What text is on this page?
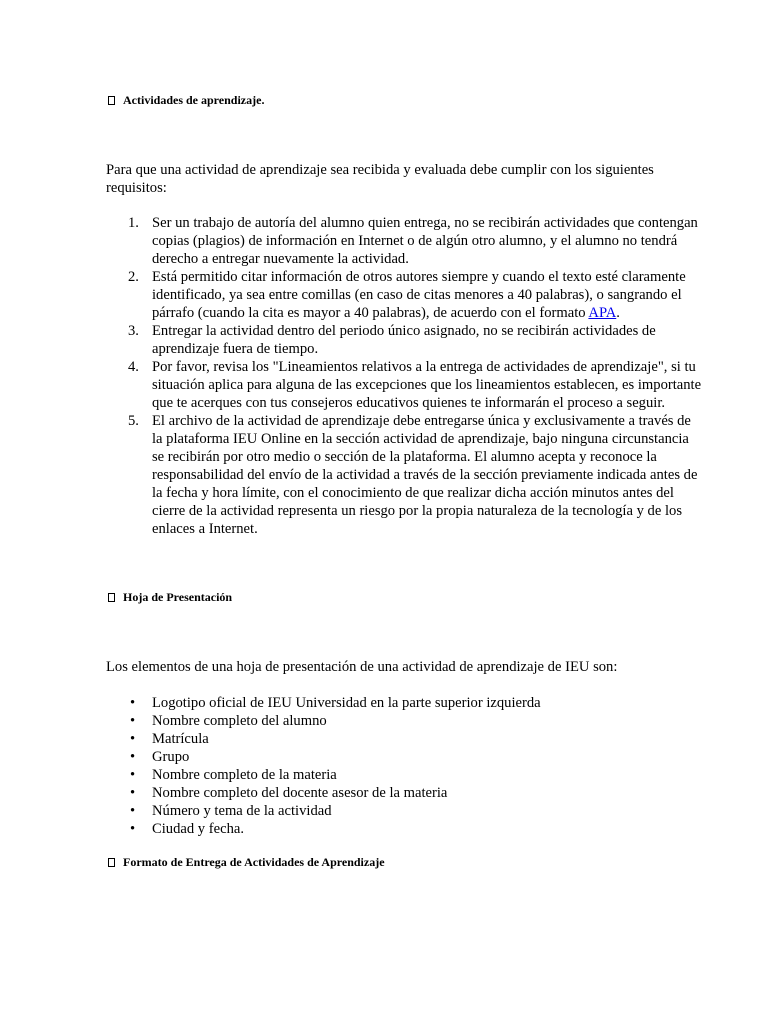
Actividades de aprendizaje.

Para que una actividad de aprendizaje sea recibida y evaluada debe cumplir con los siguientes requisitos:

1. Ser un trabajo de autoría del alumno quien entrega, no se recibirán actividades que contengan copias (plagios) de información en Internet o de algún otro alumno, y el alumno no tendrá derecho a entregar nuevamente la actividad.
2. Está permitido citar información de otros autores siempre y cuando el texto esté claramente identificado, ya sea entre comillas (en caso de citas menores a 40 palabras), o sangrando el párrafo (cuando la cita es mayor a 40 palabras), de acuerdo con el formato APA.
3. Entregar la actividad dentro del periodo único asignado, no se recibirán actividades de aprendizaje fuera de tiempo.
4. Por favor, revisa los "Lineamientos relativos a la entrega de actividades de aprendizaje", si tu situación aplica para alguna de las excepciones que los lineamientos establecen, es importante que te acerques con tus consejeros educativos quienes te informarán el proceso a seguir.
5. El archivo de la actividad de aprendizaje debe entregarse única y exclusivamente a través de la plataforma IEU Online en la sección actividad de aprendizaje, bajo ninguna circunstancia se recibirán por otro medio o sección de la plataforma. El alumno acepta y reconoce la responsabilidad del envío de la actividad a través de la sección previamente indicada antes de la fecha y hora límite, con el conocimiento de que realizar dicha acción minutos antes del cierre de la actividad representa un riesgo por la propia naturaleza de la tecnología y de los enlaces a Internet.
Hoja de Presentación

Los elementos de una hoja de presentación de una actividad de aprendizaje de IEU son:

• Logotipo oficial de IEU Universidad en la parte superior izquierda
• Nombre completo del alumno
• Matrícula
• Grupo
• Nombre completo de la materia
• Nombre completo del docente asesor de la materia
• Número y tema de la actividad
• Ciudad y fecha.
Formato de Entrega de Actividades de Aprendizaje
